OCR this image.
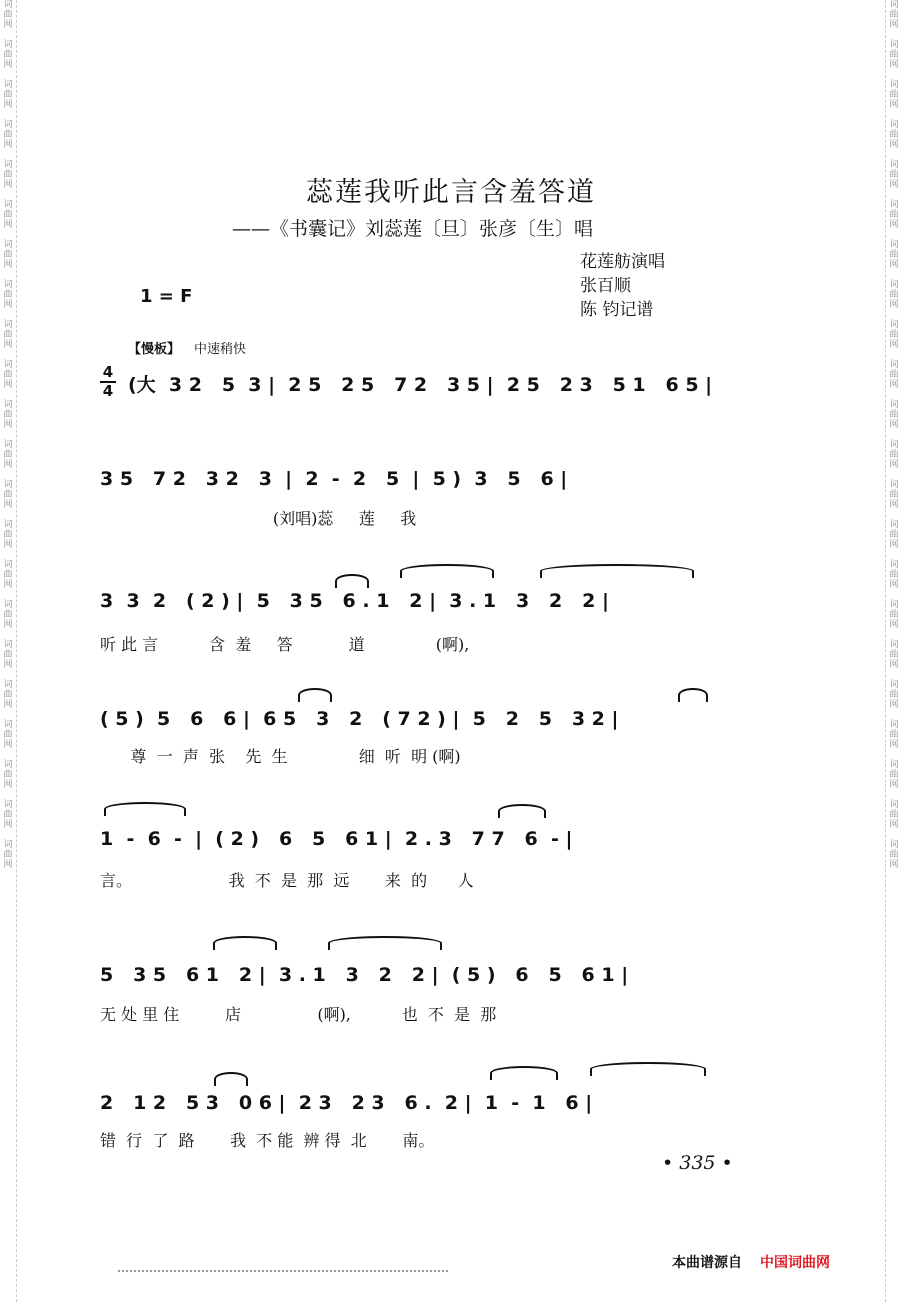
词
曲
网

词
曲
网

词
曲
网

词
曲
网

词
曲
网

词
曲
网

词
曲
网

词
曲
网

词
曲
网

词
曲
网

词
曲
网

词
曲
网

词
曲
网

词
曲
网

词
曲
网

词
曲
网

词
曲
网

词
曲
网

词
曲
网

词
曲
网

词
曲
网

词
曲
网

词
曲
网

词
曲
网

词
曲
网

词
曲
网

词
曲
网

词
曲
网

词
曲
网

词
曲
网

词
曲
网

词
曲
网

词
曲
网

词
曲
网

词
曲
网

词
曲
网

词
曲
网

词
曲
网

词
曲
网

词
曲
网

词
曲
网

词
曲
网

词
曲
网

词
曲
网

蕊莲我听此言含羞答道
——《书囊记》刘蕊莲〔旦〕张彦〔生〕唱
花莲舫演唱
张百顺
陈 钧记谱
1 = F
【慢板】 中速稍快
4
4 (大  3 2   5  3 |  2 5   2 5   7 2   3 5 |  2 5   2 3   5 1   6 5 |
3 5   7 2   3 2   3  |  2  -  2   5  |  5 )  3   5   6 |
(刘唱)蕊     莲     我
3  3  2   ( 2 ) |  5   3 5   6 . 1   2 |  3 . 1   3   2   2 |
听 此 言          含  羞     答           道              (啊),
( 5 )  5   6   6 |  6 5   3   2   ( 7 2 ) |  5   2   5   3 2 |
尊  一  声  张    先  生              细  听  明 (啊)
1  -  6  -  |  ( 2 )   6   5   6 1 |  2 . 3   7 7   6  - |
言。                   我  不  是  那  远       来  的      人
5   3 5   6 1   2 |  3 . 1   3   2   2 |  ( 5 )   6   5   6 1 |
无 处 里 住         店               (啊),          也  不  是  那
2   1 2   5 3   0 6 |  2 3   2 3   6 .  2 |  1  -  1   6 |
错  行  了  路       我  不 能  辨 得  北       南。
• 335 •
本曲谱源自 中国词曲网
